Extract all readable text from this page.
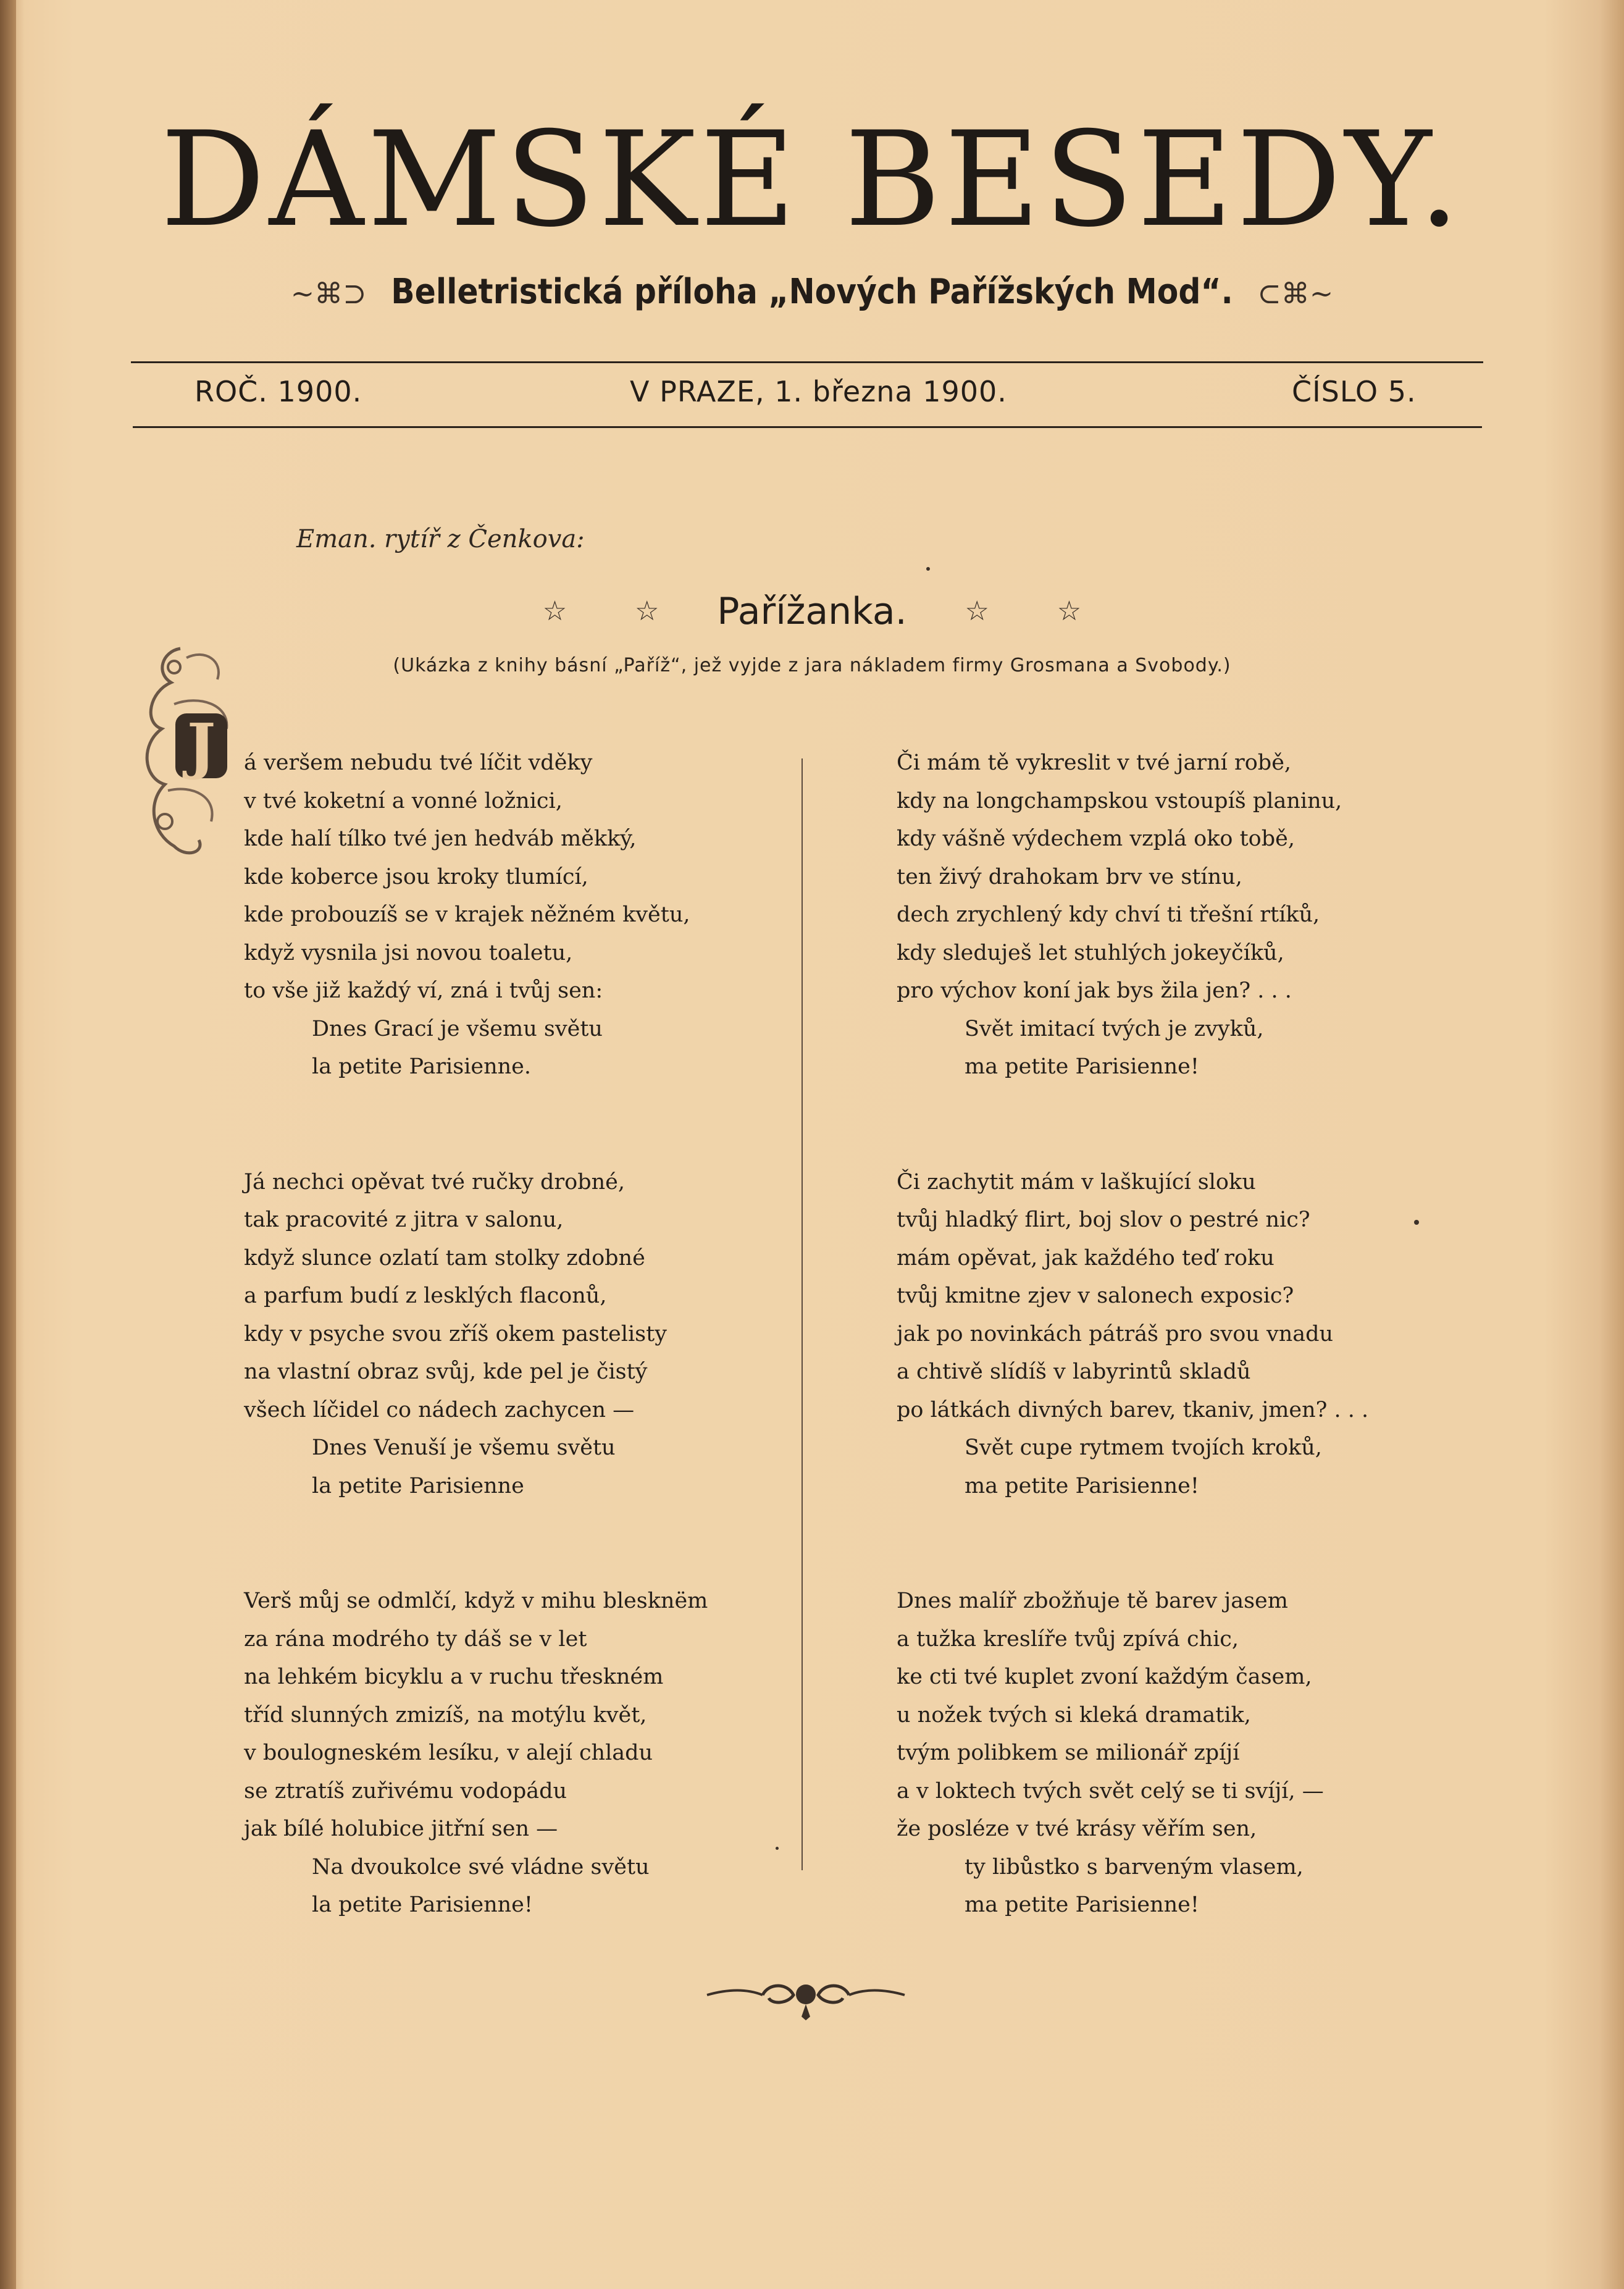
DÁMSKÉ BESEDY.
~⌘⊃ Belletristická příloha „Nových Pařížských Mod“. ⊂⌘~
ROČ. 1900.	V PRAZE, 1. března 1900.	ČÍSLO 5.
Eman. rytíř z Čenkova:
☆ ☆ Pařížanka. ☆ ☆
(Ukázka z knihy básní „Paříž“, jež vyjde z jara nákladem firmy Grosmana a Svobody.)
J á veršem nebudu tvé líčit vděky
v tvé koketní a vonné ložnici,
kde halí tílko tvé jen hedváb měkký,
kde koberce jsou kroky tlumící,
kde probouzíš se v krajek něžném květu,
když vysnila jsi novou toaletu,
to vše již každý ví, zná i tvůj sen:
Dnes Grací je všemu světu
la petite Parisienne.
Já nechci opěvat tvé ručky drobné,
tak pracovité z jitra v salonu,
když slunce ozlatí tam stolky zdobné
a parfum budí z lesklých flaconů,
kdy v psyche svou zříš okem pastelisty
na vlastní obraz svůj, kde pel je čistý
všech líčidel co nádech zachycen —
Dnes Venuší je všemu světu
la petite Parisienne
Verš můj se odmlčí, když v mihu blesknëm
za rána modrého ty dáš se v let
na lehkém bicyklu a v ruchu třeskném
tříd slunných zmizíš, na motýlu květ,
v boulogneském lesíku, v alejí chladu
se ztratíš zuřivému vodopádu
jak bílé holubice jitřní sen —
Na dvoukolce své vládne světu
la petite Parisienne!
Či mám tě vykreslit v tvé jarní robě,
kdy na longchampskou vstoupíš planinu,
kdy vášně výdechem vzplá oko tobě,
ten živý drahokam brv ve stínu,
dech zrychlený kdy chví ti třešní rtíků,
kdy sleduješ let stuhlých jokeyčíků,
pro výchov koní jak bys žila jen? . . .
Svět imitací tvých je zvyků,
ma petite Parisienne!
Či zachytit mám v laškující sloku
tvůj hladký flirt, boj slov o pestré nic?
mám opěvat, jak každého teď roku
tvůj kmitne zjev v salonech exposic?
jak po novinkách pátráš pro svou vnadu
a chtivě slídíš v labyrintů skladů
po látkách divných barev, tkaniv, jmen? . . .
Svět cupe rytmem tvojích kroků,
ma petite Parisienne!
Dnes malíř zbožňuje tě barev jasem
a tužka kreslíře tvůj zpívá chic,
ke cti tvé kuplet zvoní každým časem,
u nožek tvých si kleká dramatik,
tvým polibkem se milionář zpíjí
a v loktech tvých svět celý se ti svíjí, —
že posléze v tvé krásy věřím sen,
ty libůstko s barveným vlasem,
ma petite Parisienne!
